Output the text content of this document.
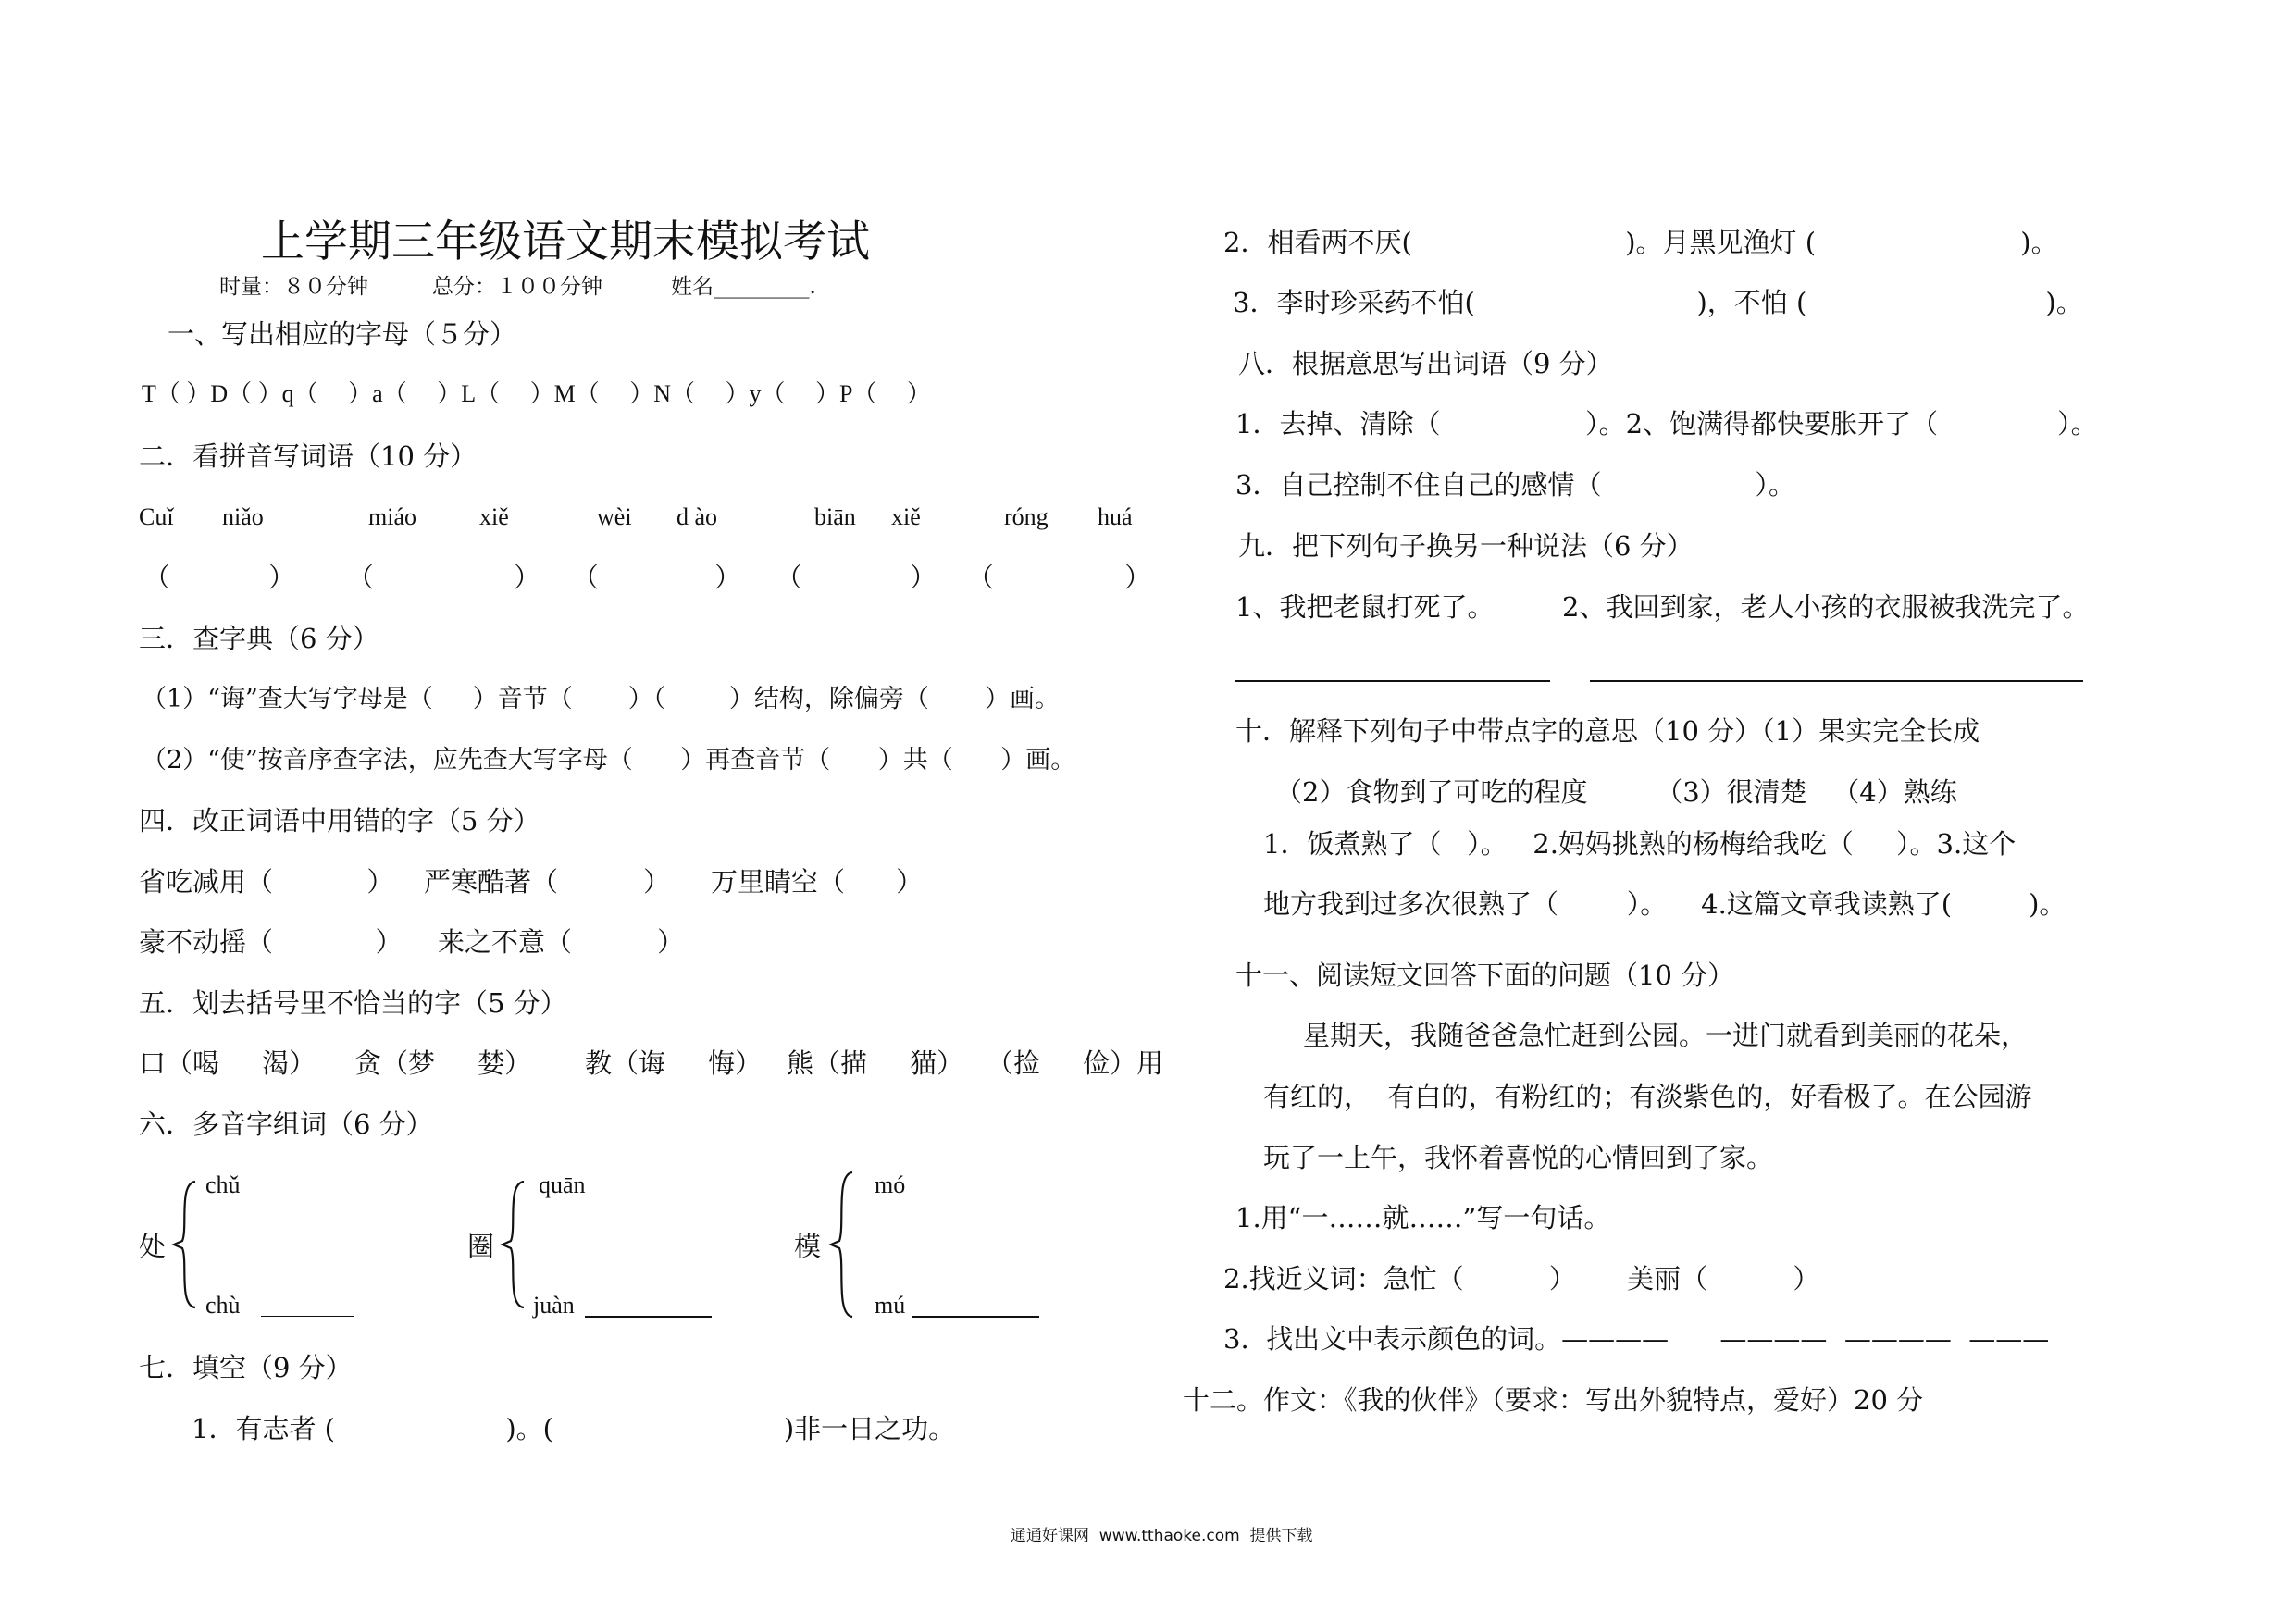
上学期三年级语文期末模拟考试
时量：８０分钟	总分：１００分钟	姓名_________.
一、写出相应的字母（５分）
T（ ）D（ ）q（     ）a（     ）L（     ）M（     ）N（     ）y（     ）P（     ）
二．看拼音写词语（10 分）
Cuǐ niǎo	miáo	xiě	wèi d ào	biān xiě	róng huá
（	） （	） （	） （	） （	）
三．查字典（6 分）
（1）“诲”查大写字母是（     ）音节（       ）（        ）结构，除偏旁（       ）画。
（2）“使”按音序查字法，应先查大写字母（      ）再查音节（      ）共（      ）画。
四．改正词语中用错的字（5 分）
省吃减用（           ） 严寒酷著（          ） 万里睛空（      ）
豪不动摇（            ） 来之不意（          ）
五．划去括号里不恰当的字（5 分）
口（喝     渴） 贪（梦     婪） 教（诲     悔） 熊（描     猫） （捡     俭）用
六．多音字组词（6 分）
处
chǔ
chù
圈
quān
juàn
模
mó
mú
七．填空（9 分）
1．有志者 (                    )。(                           )非一日之功。
2．相看两不厌(                         )。月黑见渔灯 (                        )。
3．李时珍采药不怕(                          )，不怕 (                            )。
八．根据意思写出词语（9 分）
1．去掉、清除（                 ）。2、饱满得都快要胀开了（              ）。
3．自己控制不住自己的感情（                  ）。
九．把下列句子换另一种说法（6 分）
1、我把老鼠打死了。	2、我回到家，老人小孩的衣服被我洗完了。
十．解释下列句子中带点字的意思（10 分）（1）果实完全长成
（2）食物到了可吃的程度        （3）很清楚   （4）熟练
1．饭煮熟了（   ）。   2.妈妈挑熟的杨梅给我吃（     ）。3.这个
地方我到过多次很熟了（        ）。    4.这篇文章我读熟了(         )。
十一、阅读短文回答下面的问题（10 分）
星期天，我随爸爸急忙赶到公园。一进门就看到美丽的花朵，
有红的，  有白的，有粉红的；有淡紫色的，好看极了。在公园游
玩了一上午，我怀着喜悦的心情回到了家。
1.用“一……就……”写一句话。
2.找近义词：急忙（          ）      美丽（          ）
3.  找出文中表示颜色的词。————      ————  ————  ———
十二。作文：《我的伙伴》（要求：写出外貌特点，爱好）20 分
通通好课网  www.tthaoke.com  提供下载
